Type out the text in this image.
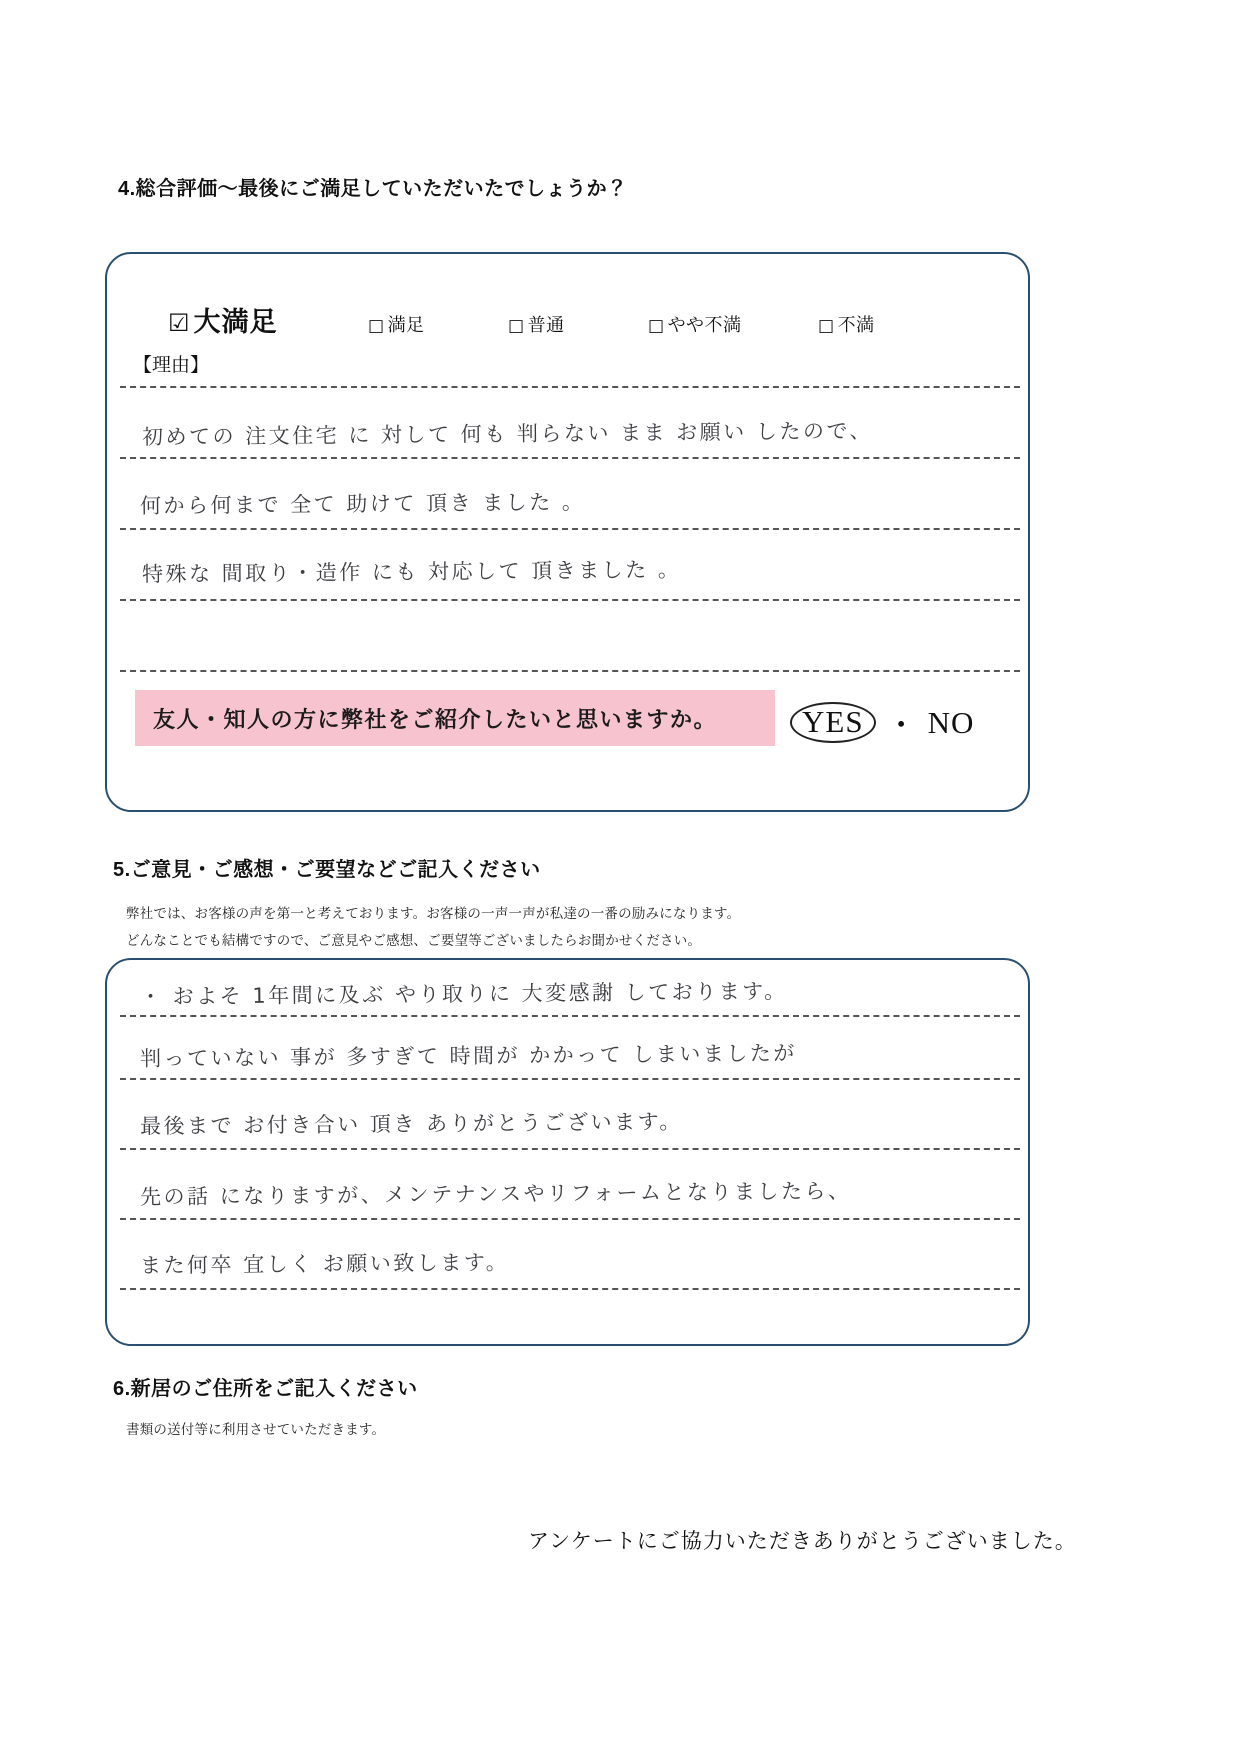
4.総合評価〜最後にご満足していただいたでしょうか？
☑ 大満足	□ 満足	□ 普通	□ やや不満	□ 不満
【理由】
初めての 注文住宅 に 対して 何も 判らない まま お願い したので、
何から何まで 全て 助けて 頂き ました 。
特殊な 間取り・造作 にも 対応して 頂きました 。
友人・知人の方に弊社をご紹介したいと思いますか。	YES ・ NO
5.ご意見・ご感想・ご要望などご記入ください
弊社では、お客様の声を第一と考えております。お客様の一声一声が私達の一番の励みになります。
どんなことでも結構ですので、ご意見やご感想、ご要望等ございましたらお聞かせください。
・ およそ 1年間に及ぶ やり取りに 大変感謝 しております。
判っていない 事が 多すぎて 時間が かかって しまいましたが
最後まで お付き合い 頂き ありがとうございます。
先の話 になりますが、メンテナンスやリフォームとなりましたら、
また何卒 宜しく お願い致します。
6.新居のご住所をご記入ください
書類の送付等に利用させていただきます。
アンケートにご協力いただきありがとうございました。
